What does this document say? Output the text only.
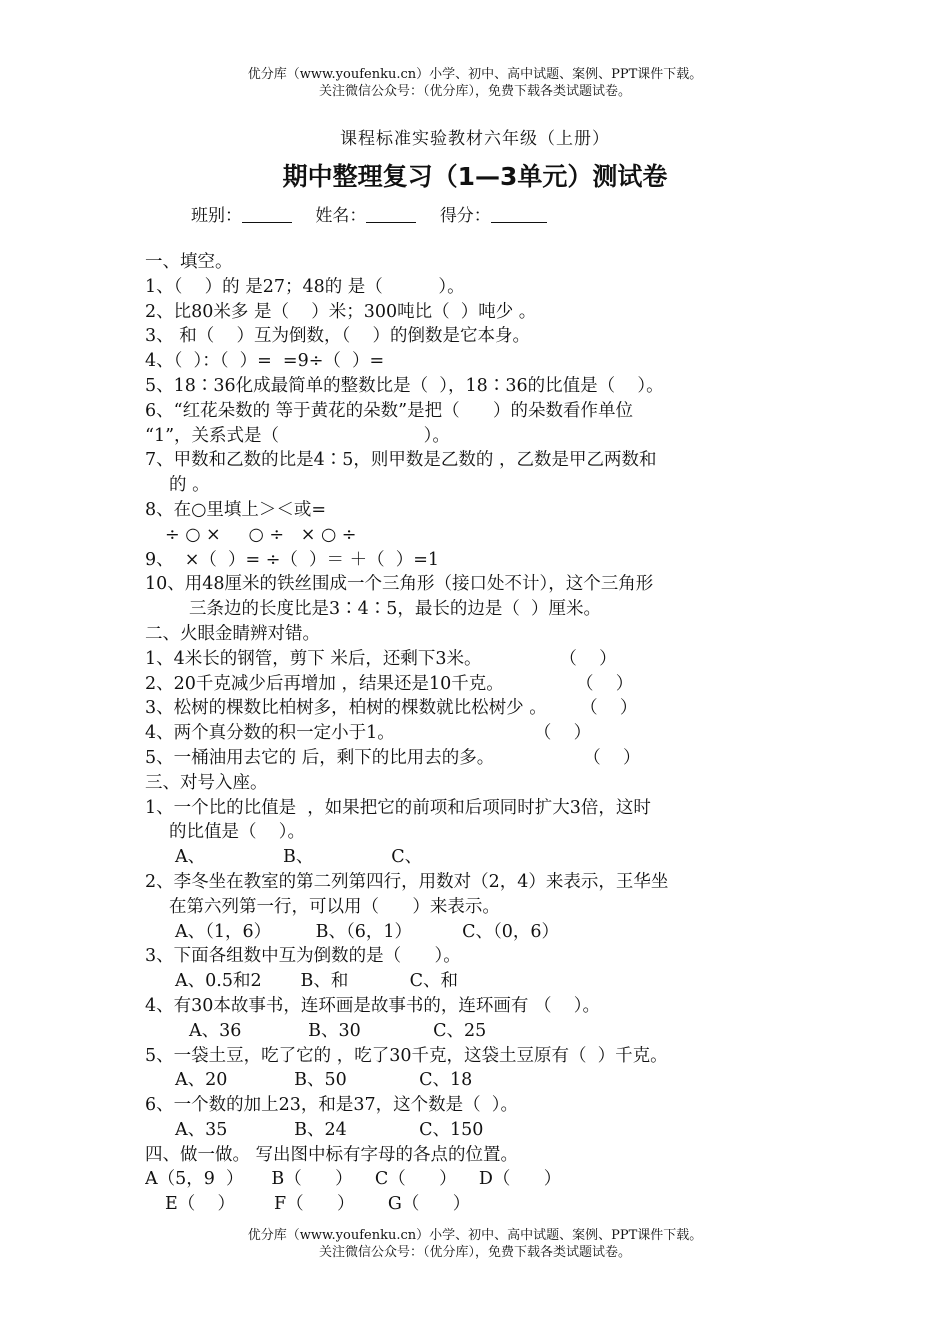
优分库（www.youfenku.cn）小学、初中、高中试题、案例、PPT课件下载。
关注微信公众号：（优分库），免费下载各类试题试卷。
课程标准实验教材六年级（上册）
期中整理复习（1—3单元）测试卷
班别：	姓名：	得分：
一、填空。
1、（    ）的 是27；48的 是（          ）。
2、比80米多 是（    ）米；300吨比（  ）吨少 。
3、 和（    ）互为倒数，（    ）的倒数是它本身。
4、（  ）：（  ）=  =9÷（  ）=
5、18∶36化成最简单的整数比是（  ），18∶36的比值是（    ）。
6、“红花朵数的 等于黄花的朵数”是把（      ）的朵数看作单位
“1”，关系式是（                          ）。
7、甲数和乙数的比是4∶5，则甲数是乙数的 ，乙数是甲乙两数和
的 。
8、在○里填上＞＜或=
÷ ○ ×     ○ ÷   × ○ ÷
9、  ×（  ）= ÷（  ）＝ ＋（  ）=1
10、用48厘米的铁丝围成一个三角形（接口处不计），这个三角形
三条边的长度比是3∶4∶5，最长的边是（  ）厘米。
二、火眼金睛辨对错。
1、4米长的钢管，剪下 米后，还剩下3米。              （    ）
2、20千克减少后再增加 ，结果还是10千克。             （    ）
3、松树的棵数比柏树多，柏树的棵数就比松树少 。      （    ）
4、两个真分数的积一定小于1。                         （    ）
5、一桶油用去它的 后，剩下的比用去的多。                （    ）
三、对号入座。
1、一个比的比值是  ，如果把它的前项和后项同时扩大3倍，这时
的比值是（    ）。
A、              B、              C、
2、李冬坐在教室的第二列第四行，用数对（2，4）来表示，王华坐
在第六列第一行，可以用（      ）来表示。
A、（1，6）        B、（6，1）         C、（0，6）
3、下面各组数中互为倒数的是（      ）。
A、0.5和2       B、和           C、和
4、有30本故事书，连环画是故事书的，连环画有 （    ）。
A、36            B、30             C、25
5、一袋土豆，吃了它的 ，吃了30千克，这袋土豆原有（  ）千克。
A、20            B、50             C、18
6、一个数的加上23，和是37，这个数是（  ）。
A、35            B、24             C、150
四、做一做。 写出图中标有字母的各点的位置。
A（5，9  ）     B（      ）    C（      ）    D（      ）
E（    ）       F（      ）      G（      ）
优分库（www.youfenku.cn）小学、初中、高中试题、案例、PPT课件下载。
关注微信公众号：（优分库），免费下载各类试题试卷。
